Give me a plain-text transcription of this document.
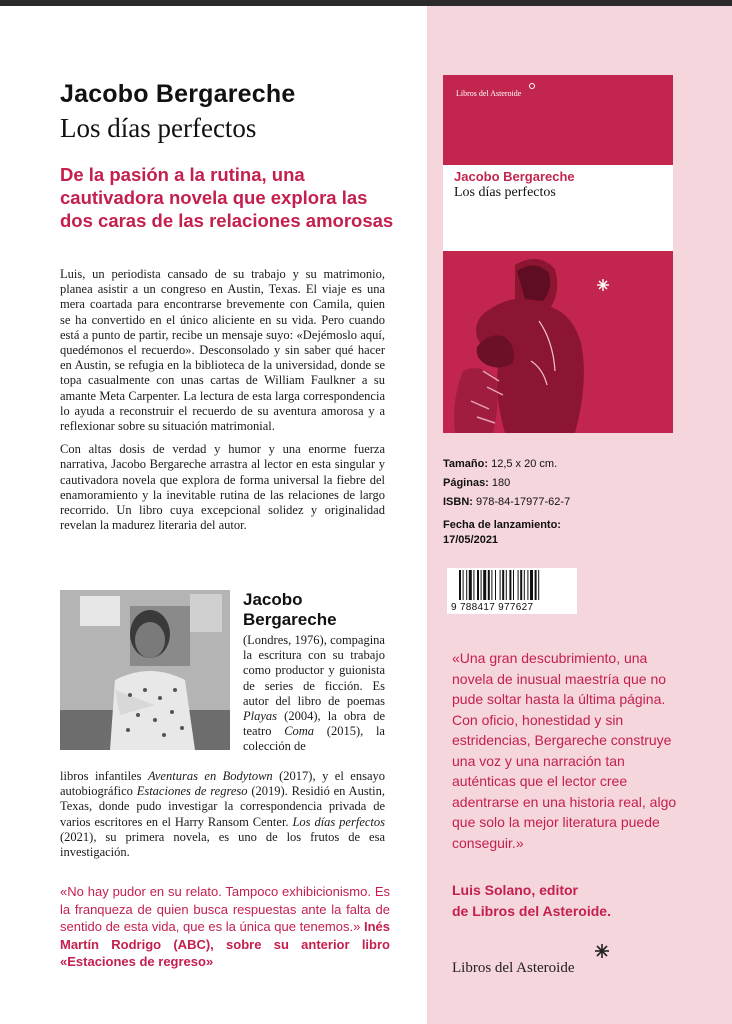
Jacobo Bergareche
Los días perfectos
De la pasión a la rutina, una cautivadora novela que explora las dos caras de las relaciones amorosas

Luis, un periodista cansado de su trabajo y su matrimonio, planea asistir a un congreso en Austin, Texas. El viaje es una mera coartada para encontrarse brevemente con Camila, quien se ha convertido en el único aliciente en su vida. Pero cuando está a punto de partir, recibe un mensaje suyo: «Dejémoslo aquí, quedémonos el recuerdo». Desconsolado y sin saber qué hacer en Austin, se refugia en la biblioteca de la universidad, donde se topa casualmente con unas cartas de William Faulkner a su amante Meta Carpenter. La lectura de esta larga correspondencia lo ayuda a reconstruir el recuerdo de su aventura amorosa y a reflexionar sobre su situación matrimonial.

Con altas dosis de verdad y humor y una enorme fuerza narrativa, Jacobo Bergareche arrastra al lector en esta singular y cautivadora novela que explora de forma universal la fiebre del enamoramiento y la inevitable rutina de las relaciones de largo recorrido. Un libro cuya excepcional solidez y originalidad revelan la madurez literaria del autor.

Jacobo
Bergareche
(Londres, 1976), compagina la escritura con su trabajo como productor y guionista de series de ficción. Es autor del libro de poemas Playas (2004), la obra de teatro Coma (2015), la colección de
libros infantiles Aventuras en Bodytown (2017), y el ensayo autobiográfico Estaciones de regreso (2019). Residió en Austin, Texas, donde pudo investigar la correspondencia privada de varios escritores en el Harry Ransom Center. Los días perfectos (2021), su primera novela, es uno de los frutos de esa investigación.
«No hay pudor en su relato. Tampoco exhibicionismo. Es la franqueza de quien busca respuestas ante la falta de sentido de esta vida, que es la única que tenemos.» Inés Martín Rodrigo (ABC), sobre su anterior libro «Estaciones de regreso»
Libros del Asteroide
Jacobo Bergareche
Los días perfectos
Tamaño: 12,5 x 20 cm.
Páginas: 180
ISBN: 978-84-17977-62-7
Fecha de lanzamiento:
17/05/2021
9 788417 977627
«Una gran descubrimiento, una novela de inusual maestría que no pude soltar hasta la última página. Con oficio, honestidad y sin estridencias, Bergareche construye una voz y una narración tan auténticas que el lector cree adentrarse en una historia real, algo que solo la mejor literatura puede conseguir.»
Luis Solano, editor
de Libros del Asteroide.
Libros del Asteroide
